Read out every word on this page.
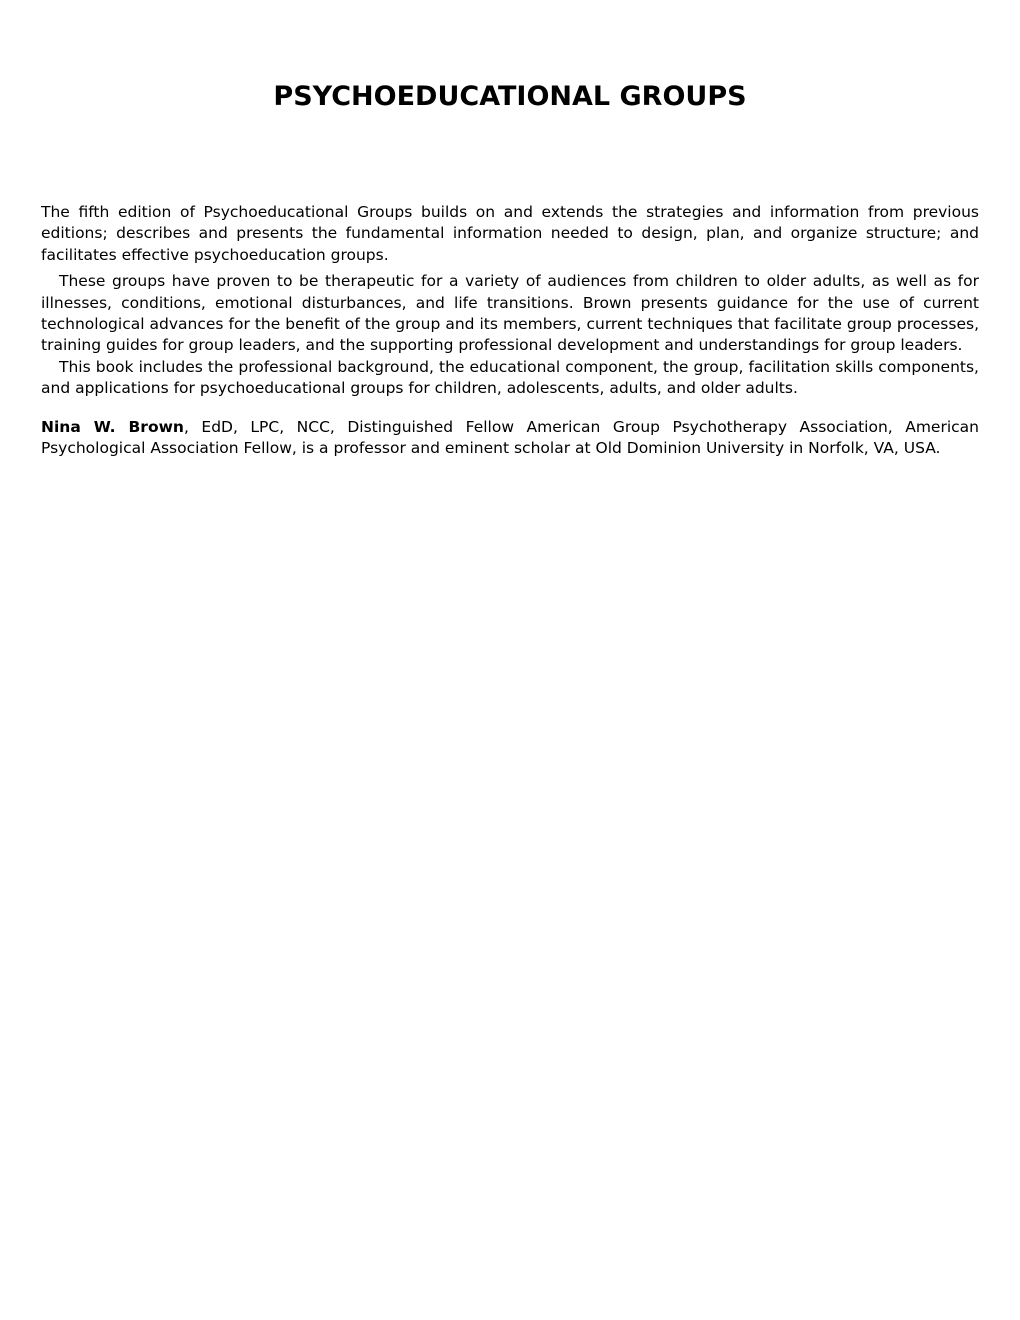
PSYCHOEDUCATIONAL GROUPS

The fifth edition of Psychoeducational Groups builds on and extends the strategies and information from previous editions; describes and presents the fundamental information needed to design, plan, and organize structure; and facilitates effective psychoeducation groups.

These groups have proven to be therapeutic for a variety of audiences from children to older adults, as well as for illnesses, conditions, emotional disturbances, and life transitions. Brown presents guidance for the use of current technological advances for the benefit of the group and its members, current techniques that facilitate group processes, training guides for group leaders, and the supporting professional development and understandings for group leaders.

This book includes the professional background, the educational component, the group, facilitation skills components, and applications for psychoeducational groups for children, adolescents, adults, and older adults.

Nina W. Brown, EdD, LPC, NCC, Distinguished Fellow American Group Psychotherapy Association, American Psychological Association Fellow, is a professor and eminent scholar at Old Dominion University in Norfolk, VA, USA.
